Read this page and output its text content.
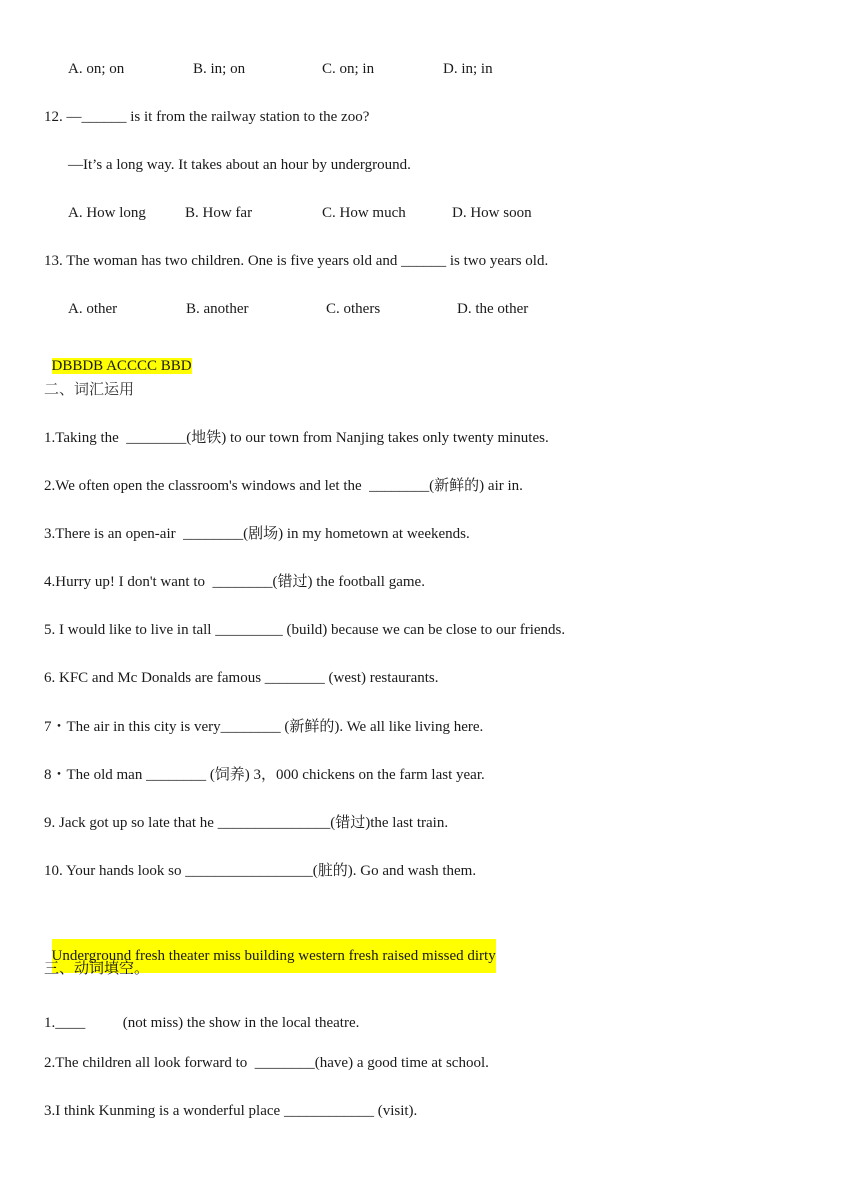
A. on; on	B. in; on	C. on; in	D. in; in
12. —______ is it from the railway station to the zoo?
—It’s a long way. It takes about an hour by underground.
A. How long	B. How far	C. How much	D. How soon
13. The woman has two children. One is five years old and ______ is two years old.
A. other	B. another	C. others	D. the other

DBBDB ACCCC BBD

二、词汇运用
1.Taking the  ________(地铁) to our town from Nanjing takes only twenty minutes.
2.We often open the classroom's windows and let the  ________(新鲜的) air in.
3.There is an open-air  ________(剧场) in my hometown at weekends.
4.Hurry up! I don't want to  ________(错过) the football game.
5. I would like to live in tall _________ (build) because we can be close to our friends.
6. KFC and Mc Donalds are famous ________ (west) restaurants.
7・The air in this city is very________ (新鲜的). We all like living here.
8・The old man ________ (饲养) 3，000 chickens on the farm last year.
9. Jack got up so late that he _______________(错过)the last train.
10. Your hands look so _________________(脏的). Go and wash them.

Underground fresh theater miss building western fresh raised missed dirty

三、动词填空。
1.____          (not miss) the show in the local theatre.
2.The children all look forward to  ________(have) a good time at school.
3.I think Kunming is a wonderful place ____________ (visit).
